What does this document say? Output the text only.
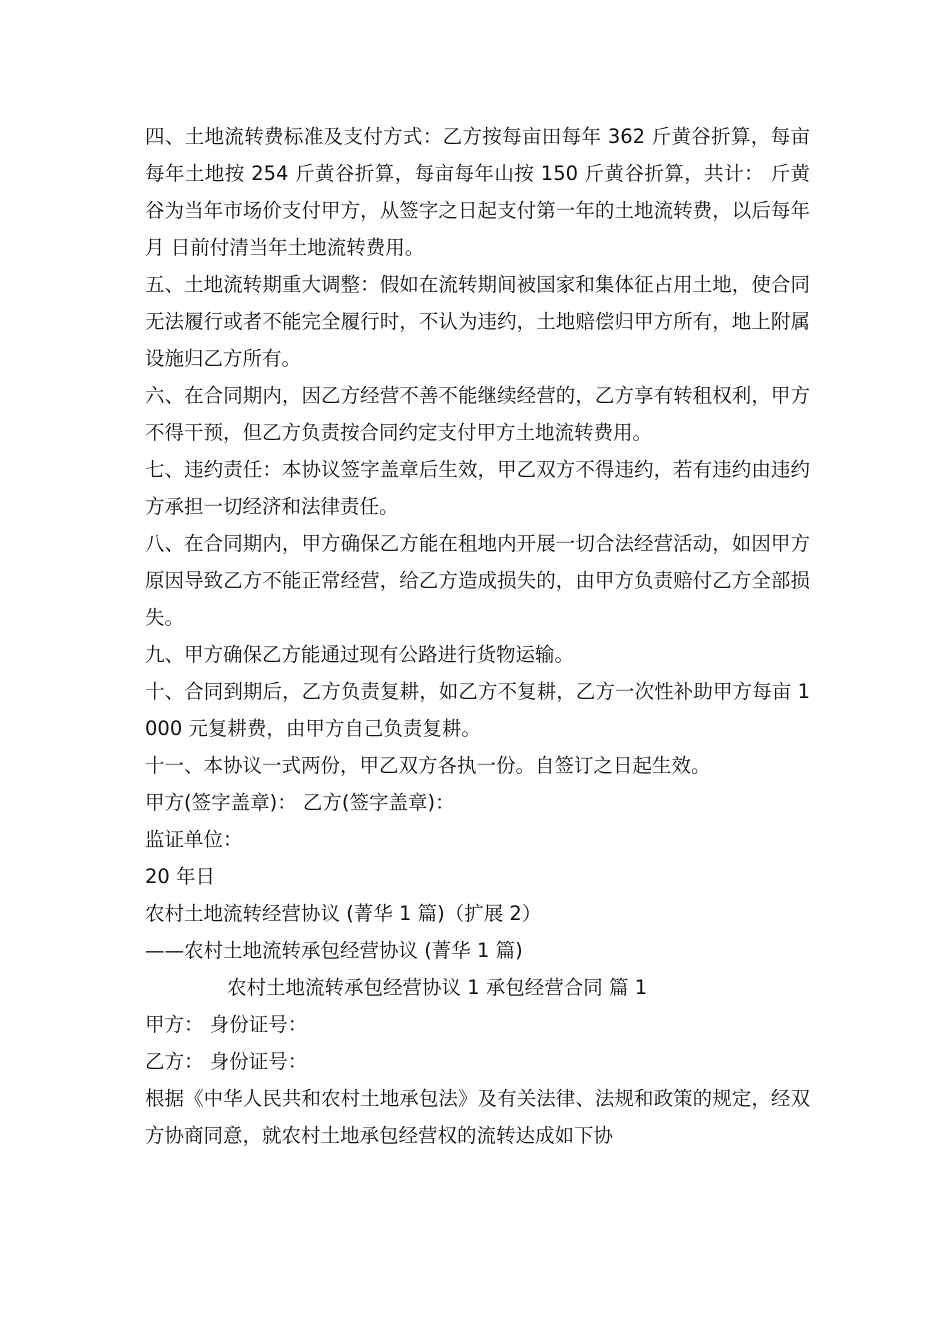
四、土地流转费标准及支付方式：乙方按每亩田每年 362 斤黄谷折算，每亩每年土地按 254 斤黄谷折算，每亩每年山按 150 斤黄谷折算，共计： 斤黄谷为当年市场价支付甲方，从签字之日起支付第一年的土地流转费，以后每年 月 日前付清当年土地流转费用。

五、土地流转期重大调整：假如在流转期间被国家和集体征占用土地，使合同无法履行或者不能完全履行时，不认为违约，土地赔偿归甲方所有，地上附属设施归乙方所有。

六、在合同期内，因乙方经营不善不能继续经营的，乙方享有转租权利，甲方不得干预，但乙方负责按合同约定支付甲方土地流转费用。

七、违约责任：本协议签字盖章后生效，甲乙双方不得违约，若有违约由违约方承担一切经济和法律责任。

八、在合同期内，甲方确保乙方能在租地内开展一切合法经营活动，如因甲方原因导致乙方不能正常经营，给乙方造成损失的，由甲方负责赔付乙方全部损失。

九、甲方确保乙方能通过现有公路进行货物运输。

十、合同到期后，乙方负责复耕，如乙方不复耕，乙方一次性补助甲方每亩 1000 元复耕费，由甲方自己负责复耕。

十一、本协议一式两份，甲乙双方各执一份。自签订之日起生效。

甲方(签字盖章)： 乙方(签字盖章)：

监证单位：

20 年日

农村土地流转经营协议 (菁华 1 篇)（扩展 2）

——农村土地流转承包经营协议 (菁华 1 篇)

农村土地流转承包经营协议 1 承包经营合同 篇 1

甲方： 身份证号：

乙方： 身份证号：

根据《中华人民共和农村土地承包法》及有关法律、法规和政策的规定，经双方协商同意，就农村土地承包经营权的流转达成如下协
